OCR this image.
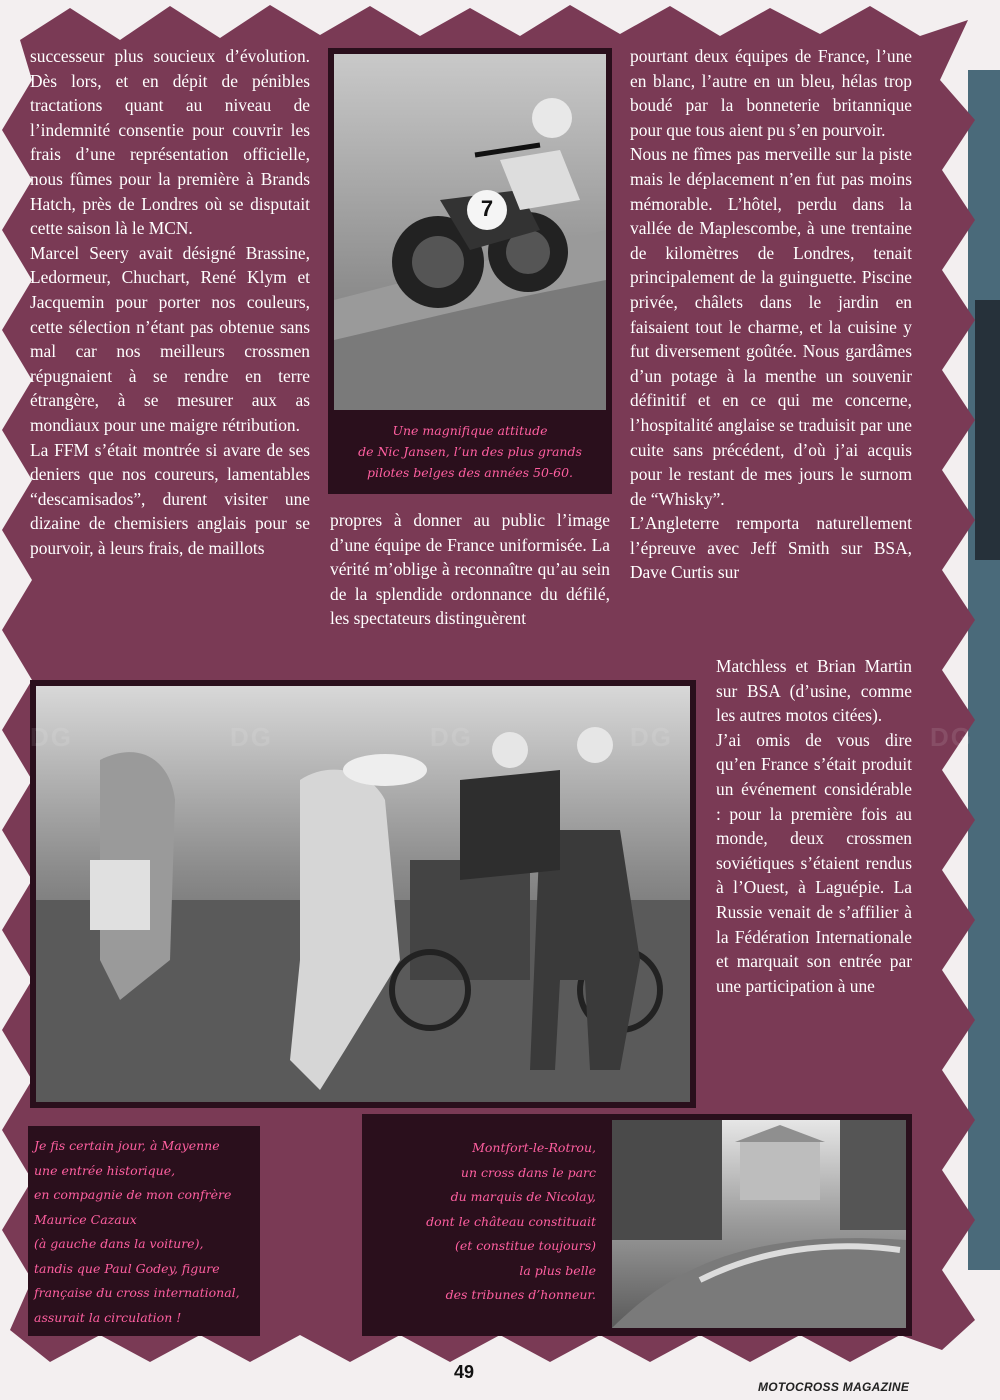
DG	DG	DG	DG	DG
7

successeur plus soucieux d’évolution. Dès lors, et en dépit de pénibles tractations quant au niveau de l’indemnité consentie pour couvrir les frais d’une représentation officielle, nous fûmes pour la première à Brands Hatch, près de Londres où se disputait cette saison là le MCN.

Marcel Seery avait désigné Brassine, Ledormeur, Chuchart, René Klym et Jacquemin pour porter nos couleurs, cette sélection n’étant pas obtenue sans mal car nos meilleurs crossmen répugnaient à se rendre en terre étrangère, à se mesurer aux as mondiaux pour une maigre rétribution.

La FFM s’était montrée si avare de ses deniers que nos coureurs, lamentables “descamisados”, durent visiter une dizaine de chemisiers anglais pour se pourvoir, à leurs frais, de maillots

propres à donner au public l’image d’une équipe de France uniformisée. La vérité m’oblige à reconnaître qu’au sein de la splendide ordonnance du défilé, les spectateurs distinguèrent

pourtant deux équipes de France, l’une en blanc, l’autre en un bleu, hélas trop boudé par la bonneterie britannique pour que tous aient pu s’en pourvoir.

Nous ne fîmes pas merveille sur la piste mais le déplacement n’en fut pas moins mémorable. L’hôtel, perdu dans la vallée de Maplescombe, à une trentaine de kilomètres de Londres, tenait principalement de la guinguette. Piscine privée, châlets dans le jardin en faisaient tout le charme, et la cuisine y fut diversement goûtée. Nous gardâmes d’un potage à la menthe un souvenir définitif et en ce qui me concerne, l’hospitalité anglaise se traduisit par une cuite sans précédent, d’où j’ai acquis pour le restant de mes jours le surnom de “Whisky”.

L’Angleterre remporta naturellement l’épreuve avec Jeff Smith sur BSA, Dave Curtis sur

Matchless et Brian Martin sur BSA (d’usine, comme les autres motos citées).

J’ai omis de vous dire qu’en France s’était produit un événement considérable : pour la première fois au monde, deux crossmen soviétiques s’étaient rendus à l’Ouest, à Laguépie. La Russie venait de s’affilier à la Fédération Internationale et marquait son entrée par une participation à une

Une magnifique attitude

de Nic Jansen, l’un des plus grands

pilotes belges des années 50-60.

Je fis certain jour, à Mayenne

une entrée historique,

en compagnie de mon confrère

Maurice Cazaux

(à gauche dans la voiture),

tandis que Paul Godey, figure

française du cross international,

assurait la circulation !

Montfort-le-Rotrou,

un cross dans le parc

du marquis de Nicolay,

dont le château constituait

(et constitue toujours)

la plus belle

des tribunes d’honneur.

49
MOTOCROSS MAGAZINE
